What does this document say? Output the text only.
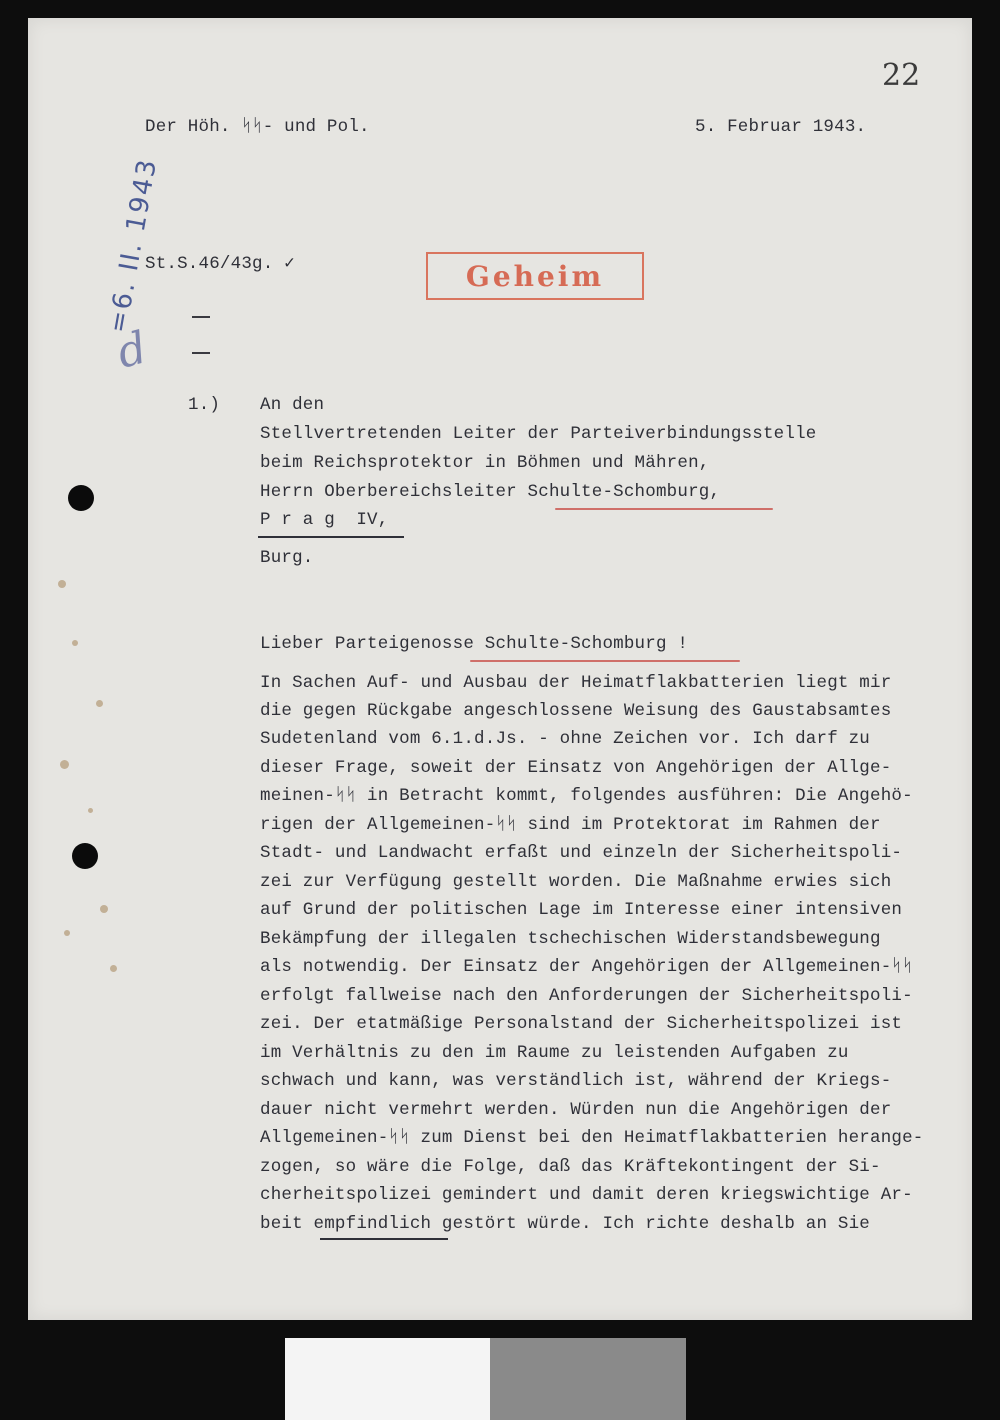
22
Der Höh. ᛋᛋ- und Pol.	5. Februar 1943.
St.S.46/43g. ✓	Geheim
d
=6. II. 1943
1.) An den
Stellvertretenden Leiter der Parteiverbindungsstelle
beim Reichsprotektor in Böhmen und Mähren,
Herrn Oberbereichsleiter Schulte-Schomburg,
P r a g  IV,
Burg.
Lieber Parteigenosse Schulte-Schomburg !
In Sachen Auf- und Ausbau der Heimatflakbatterien liegt mir
die gegen Rückgabe angeschlossene Weisung des Gaustabsamtes
Sudetenland vom 6.1.d.Js. - ohne Zeichen vor. Ich darf zu
dieser Frage, soweit der Einsatz von Angehörigen der Allge-
meinen-ᛋᛋ in Betracht kommt, folgendes ausführen: Die Angehö-
rigen der Allgemeinen-ᛋᛋ sind im Protektorat im Rahmen der
Stadt- und Landwacht erfaßt und einzeln der Sicherheitspoli-
zei zur Verfügung gestellt worden. Die Maßnahme erwies sich
auf Grund der politischen Lage im Interesse einer intensiven
Bekämpfung der illegalen tschechischen Widerstandsbewegung
als notwendig. Der Einsatz der Angehörigen der Allgemeinen-ᛋᛋ
erfolgt fallweise nach den Anforderungen der Sicherheitspoli-
zei. Der etatmäßige Personalstand der Sicherheitspolizei ist
im Verhältnis zu den im Raume zu leistenden Aufgaben zu
schwach und kann, was verständlich ist, während der Kriegs-
dauer nicht vermehrt werden. Würden nun die Angehörigen der
Allgemeinen-ᛋᛋ zum Dienst bei den Heimatflakbatterien herange-
zogen, so wäre die Folge, daß das Kräftekontingent der Si-
cherheitspolizei gemindert und damit deren kriegswichtige Ar-
beit empfindlich gestört würde. Ich richte deshalb an Sie
